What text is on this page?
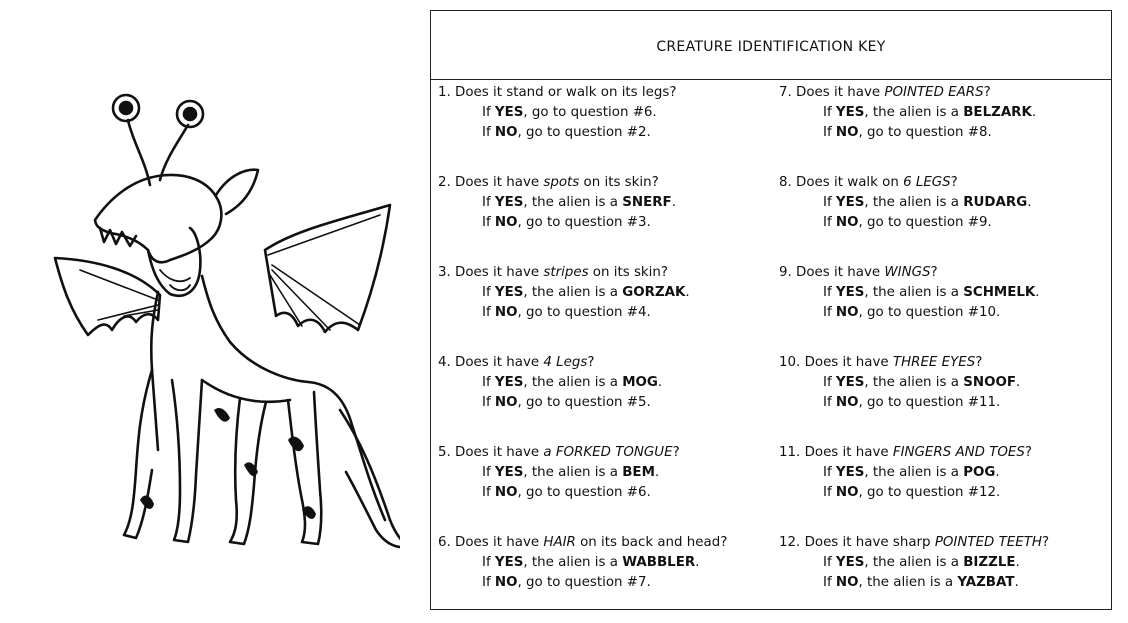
CREATURE IDENTIFICATION KEY
1. Does it stand or walk on its legs?
If YES, go to question #6.
If NO, go to question #2.
2. Does it have spots on its skin?
If YES, the alien is a SNERF.
If NO, go to question #3.
3. Does it have stripes on its skin?
If YES, the alien is a GORZAK.
If NO, go to question #4.
4. Does it have 4 Legs?
If YES, the alien is a MOG.
If NO, go to question #5.
5. Does it have a FORKED TONGUE?
If YES, the alien is a BEM.
If NO, go to question #6.
6. Does it have HAIR on its back and head?
If YES, the alien is a WABBLER.
If NO, go to question #7.
7. Does it have POINTED EARS?
If YES, the alien is a BELZARK.
If NO, go to question #8.
8. Does it walk on 6 LEGS?
If YES, the alien is a RUDARG.
If NO, go to question #9.
9. Does it have WINGS?
If YES, the alien is a SCHMELK.
If NO, go to question #10.
10. Does it have THREE EYES?
If YES, the alien is a SNOOF.
If NO, go to question #11.
11. Does it have FINGERS AND TOES?
If YES, the alien is a POG.
If NO, go to question #12.
12. Does it have sharp POINTED TEETH?
If YES, the alien is a BIZZLE.
If NO, the alien is a YAZBAT.
